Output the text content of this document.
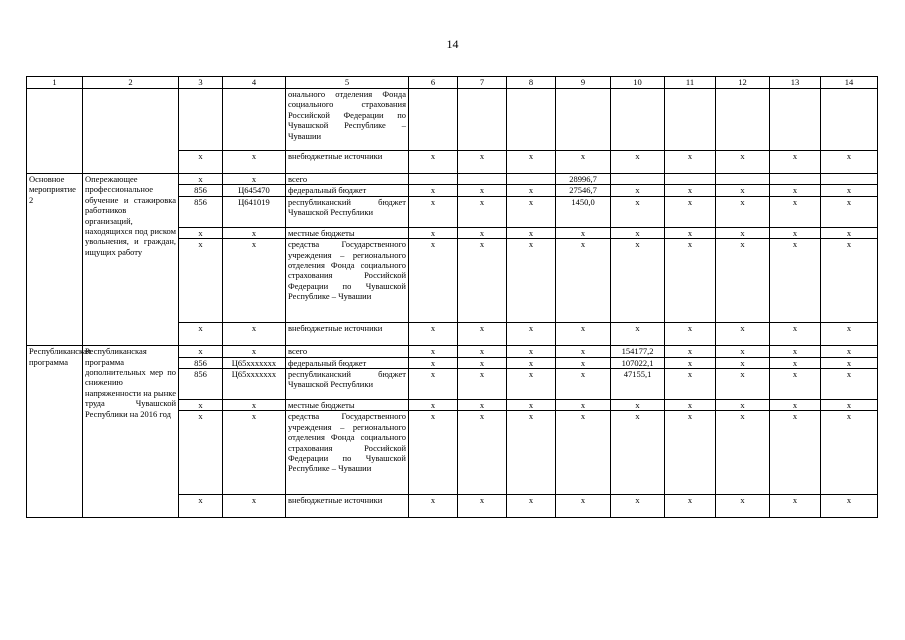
14
1	2	3	4	5	6	7	8	9	10	11	12	13	14
				онального отделения Фонда социального страхования Российской Федерации по Чувашской Республике – Чувашии									
		х	х	внебюджетные источники	х	х	х	х	х	х	х	х	х
Основное мероприятие 2	Опережающее профессиональное обучение и стажировка работников организаций, находящихся под риском увольнения, и граждан, ищущих работу	х	х	всего				28996,7					
		856	Ц645470	федеральный бюджет	х	х	х	27546,7	х	х	х	х	х
		856	Ц641019	республиканский бюджет Чувашской Республики	х	х	х	1450,0	х	х	х	х	х
		х	х	местные бюджеты	х	х	х	х	х	х	х	х	х
		х	х	средства Государственного учреждения – регионального отделения Фонда социального страхования Российской Федерации по Чувашской Республике – Чувашии	х	х	х	х	х	х	х	х	х
		х	х	внебюджетные источники	х	х	х	х	х	х	х	х	х
Республиканская программа	Республиканская программа дополнительных мер по снижению напряженности на рынке труда Чувашской Республики на 2016 год	х	х	всего	х	х	х	х	154177,2	х	х	х	х
		856	Ц65ххххххх	федеральный бюджет	х	х	х	х	107022,1	х	х	х	х
		856	Ц65ххххххх	республиканский бюджет Чувашской Республики	х	х	х	х	47155,1	х	х	х	х
		х	х	местные бюджеты	х	х	х	х	х	х	х	х	х
		х	х	средства Государственного учреждения – регионального отделения Фонда социального страхования Российской Федерации по Чувашской Республике – Чувашии	х	х	х	х	х	х	х	х	х
		х	х	внебюджетные источники	х	х	х	х	х	х	х	х	х
